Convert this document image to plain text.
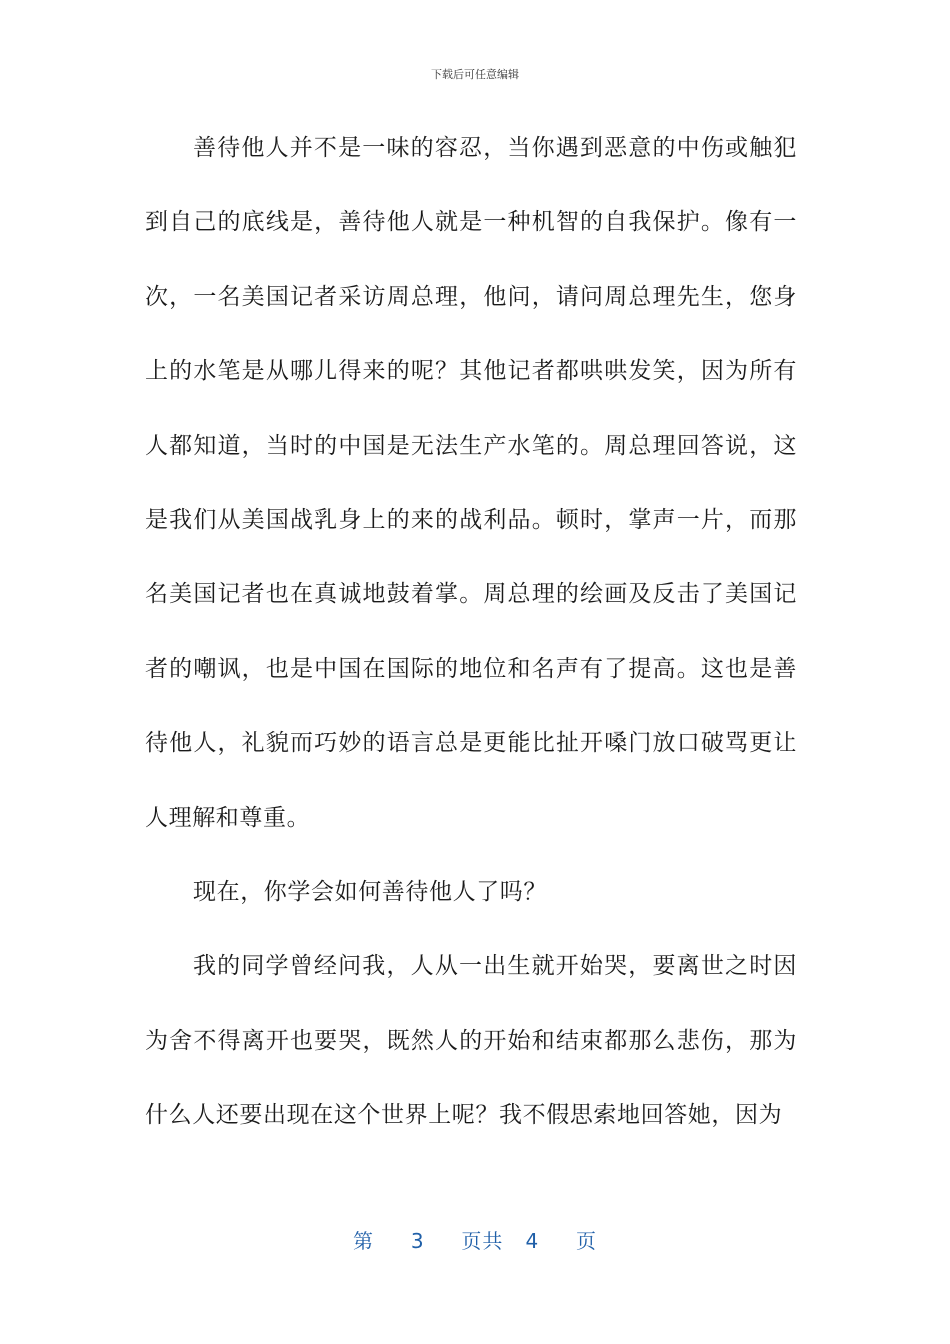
下载后可任意编辑

善待他人并不是一味的容忍，当你遇到恶意的中伤或触犯到自己的底线是，善待他人就是一种机智的自我保护。像有一次，一名美国记者采访周总理，他问，请问周总理先生，您身上的水笔是从哪儿得来的呢？其他记者都哄哄发笑，因为所有人都知道，当时的中国是无法生产水笔的。周总理回答说，这是我们从美国战乳身上的来的战利品。顿时，掌声一片，而那名美国记者也在真诚地鼓着掌。周总理的绘画及反击了美国记者的嘲讽，也是中国在国际的地位和名声有了提高。这也是善待他人，礼貌而巧妙的语言总是更能比扯开嗓门放口破骂更让人理解和尊重。

现在，你学会如何善待他人了吗？

我的同学曾经问我，人从一出生就开始哭，要离世之时因为舍不得离开也要哭，既然人的开始和结束都那么悲伤，那为什么人还要出现在这个世界上呢？我不假思索地回答她，因为

第 3 页共 4 页
